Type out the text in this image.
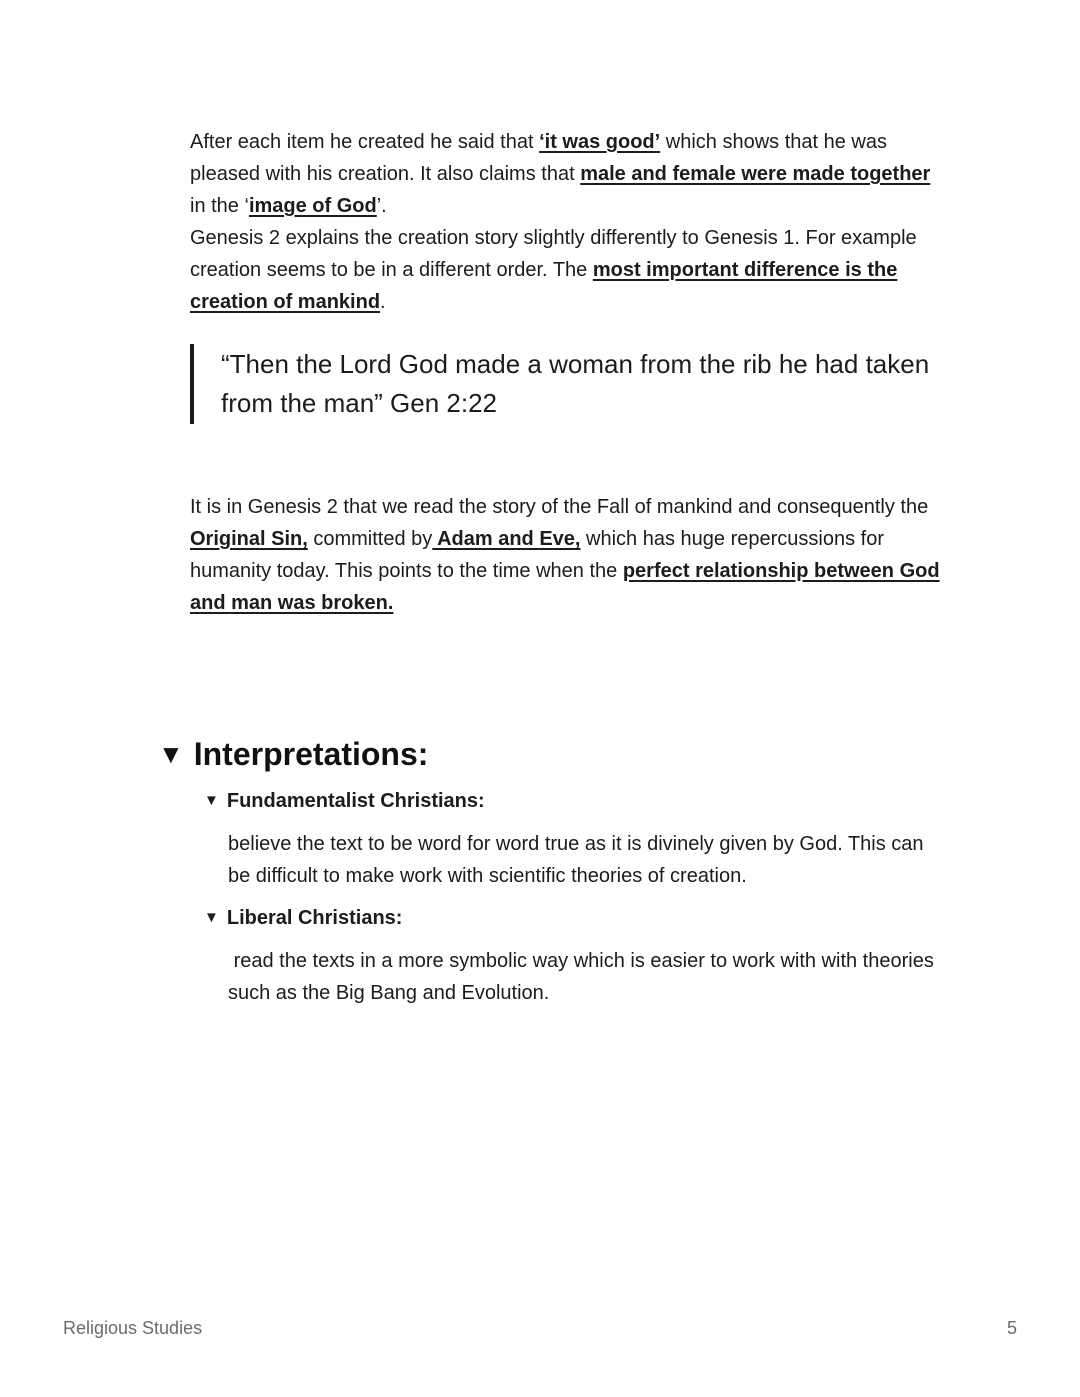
After each item he created he said that ‘it was good’ which shows that he was pleased with his creation. It also claims that male and female were made together in the ‘image of God’.
Genesis 2 explains the creation story slightly differently to Genesis 1. For example creation seems to be in a different order. The most important difference is the creation of mankind.

“Then the Lord God made a woman from the rib he had taken from the man” Gen 2:22

It is in Genesis 2 that we read the story of the Fall of mankind and consequently the Original Sin, committed by Adam and Eve, which has huge repercussions for humanity today. This points to the time when the perfect relationship between God and man was broken.

▼ Interpretations:
▼ Fundamentalist Christians:

believe the text to be word for word true as it is divinely given by God. This can be difficult to make work with scientific theories of creation.

▼ Liberal Christians:

read the texts in a more symbolic way which is easier to work with with theories
such as the Big Bang and Evolution.

Religious Studies	5
